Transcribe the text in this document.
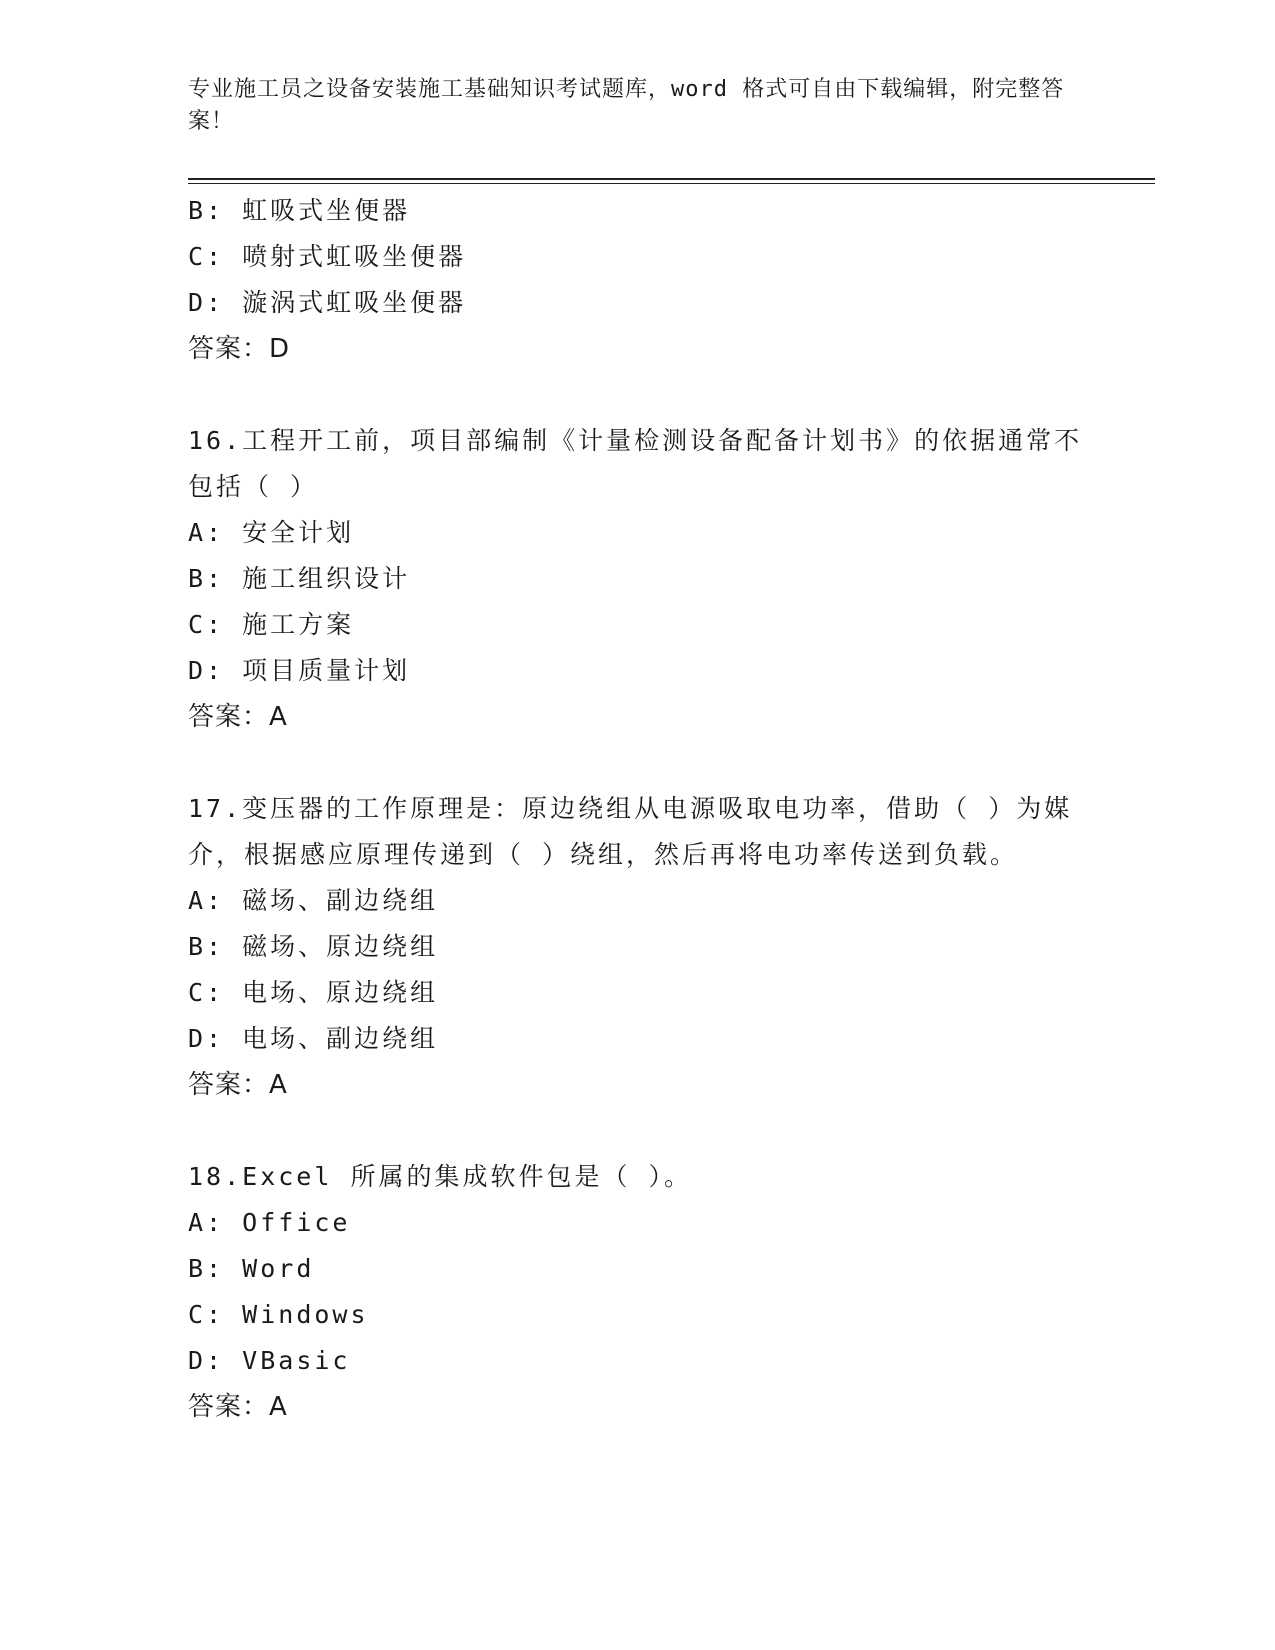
专业施工员之设备安装施工基础知识考试题库，word 格式可自由下载编辑，附完整答案！
B: 虹吸式坐便器
C: 喷射式虹吸坐便器
D: 漩涡式虹吸坐便器
答案：D
16.工程开工前，项目部编制《计量检测设备配备计划书》的依据通常不包括（ ）
A: 安全计划
B: 施工组织设计
C: 施工方案
D: 项目质量计划
答案：A
17.变压器的工作原理是：原边绕组从电源吸取电功率，借助（ ）为媒介，根据感应原理传递到（ ）绕组，然后再将电功率传送到负载。
A: 磁场、副边绕组
B: 磁场、原边绕组
C: 电场、原边绕组
D: 电场、副边绕组
答案：A
18.Excel 所属的集成软件包是（ ）。
A: Office
B: Word
C: Windows
D: VBasic
答案：A
